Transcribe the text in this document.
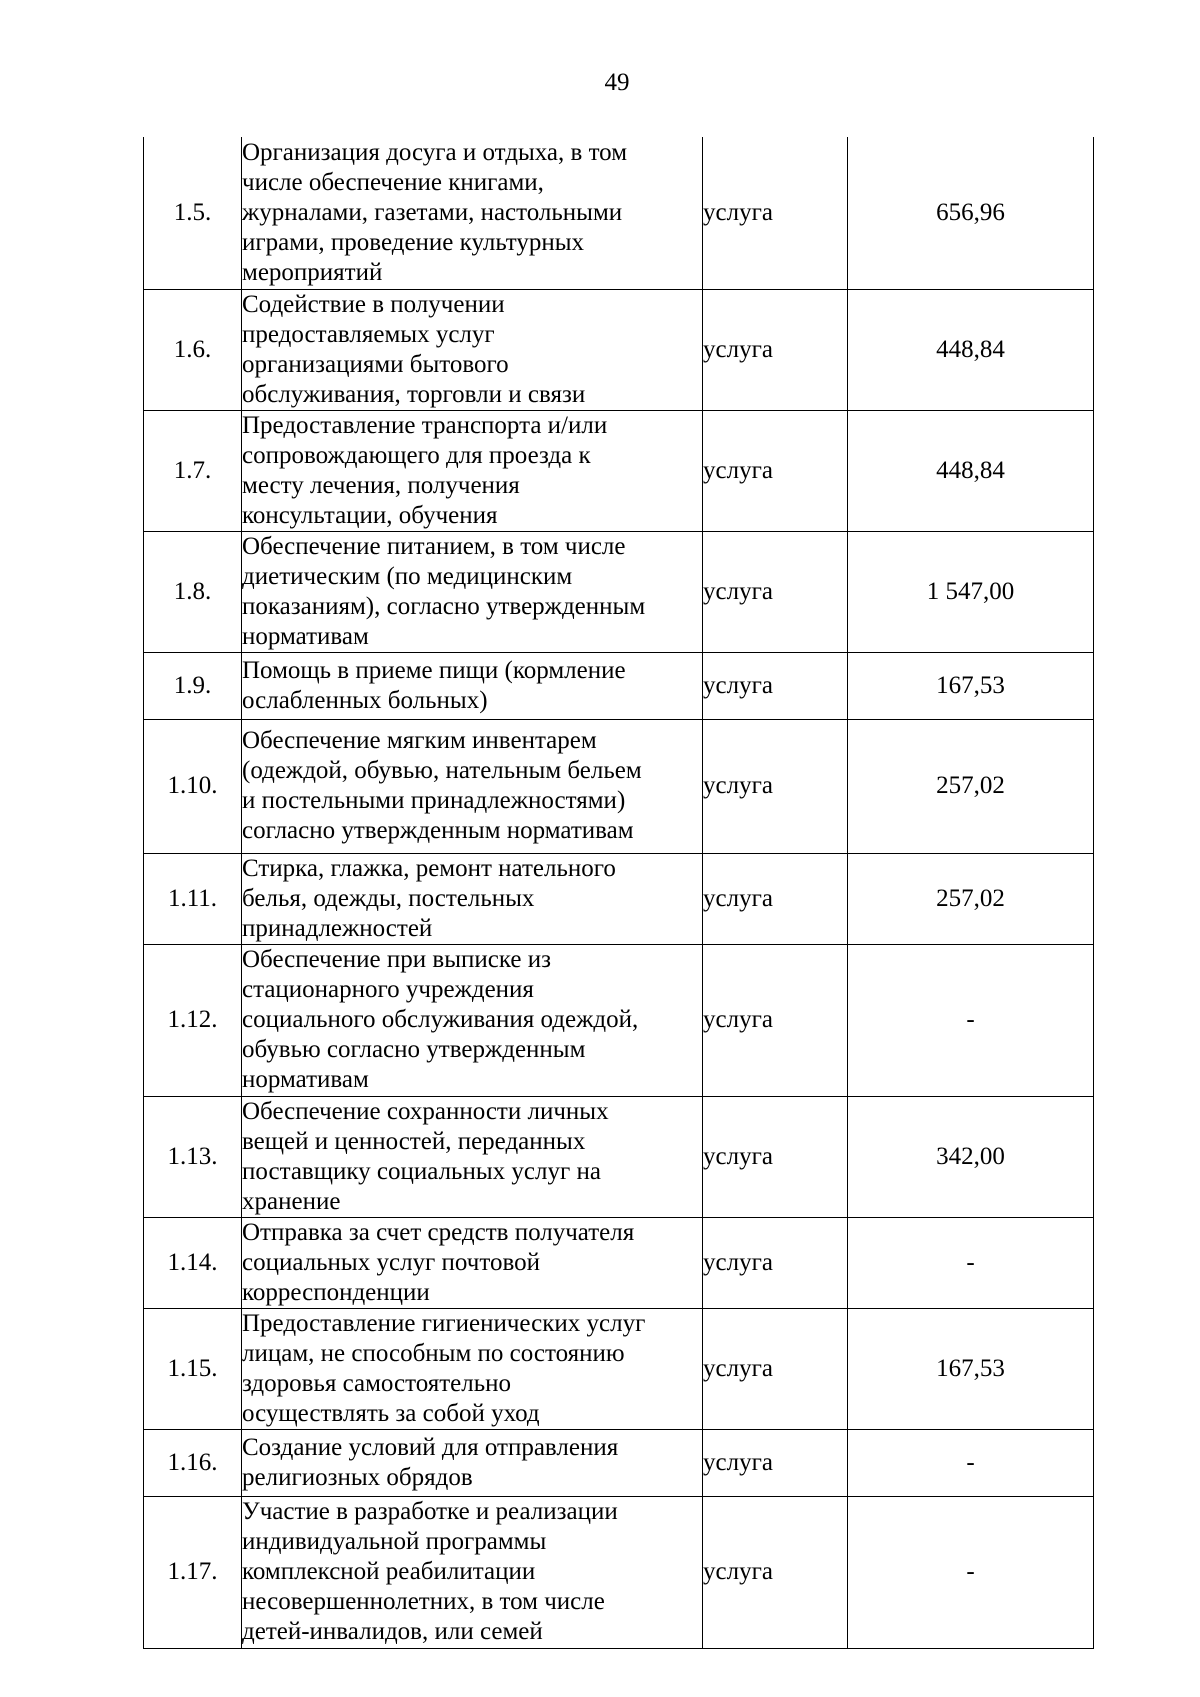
49
1.5.	Организация досуга и отдыха, в том
числе обеспечение книгами,
журналами, газетами, настольными
играми, проведение культурных
мероприятий	услуга	656,96
1.6.	Содействие в получении
предоставляемых услуг
организациями бытового
обслуживания, торговли и связи	услуга	448,84
1.7.	Предоставление транспорта и/или
сопровождающего для проезда к
месту лечения, получения
консультации, обучения	услуга	448,84
1.8.	Обеспечение питанием, в том числе
диетическим (по медицинским
показаниям), согласно утвержденным
нормативам	услуга	1 547,00
1.9.	Помощь в приеме пищи (кормление
ослабленных больных)	услуга	167,53
1.10.	Обеспечение мягким инвентарем
(одеждой, обувью, нательным бельем
и постельными принадлежностями)
согласно утвержденным нормативам	услуга	257,02
1.11.	Стирка, глажка, ремонт нательного
белья, одежды, постельных
принадлежностей	услуга	257,02
1.12.	Обеспечение при выписке из
стационарного учреждения
социального обслуживания одеждой,
обувью согласно утвержденным
нормативам	услуга	-
1.13.	Обеспечение сохранности личных
вещей и ценностей, переданных
поставщику социальных услуг на
хранение	услуга	342,00
1.14.	Отправка за счет средств получателя
социальных услуг почтовой
корреспонденции	услуга	-
1.15.	Предоставление гигиенических услуг
лицам, не способным по состоянию
здоровья самостоятельно
осуществлять за собой уход	услуга	167,53
1.16.	Создание условий для отправления
религиозных обрядов	услуга	-
1.17.	Участие в разработке и реализации
индивидуальной программы
комплексной реабилитации
несовершеннолетних, в том числе
детей-инвалидов, или семей	услуга	-
